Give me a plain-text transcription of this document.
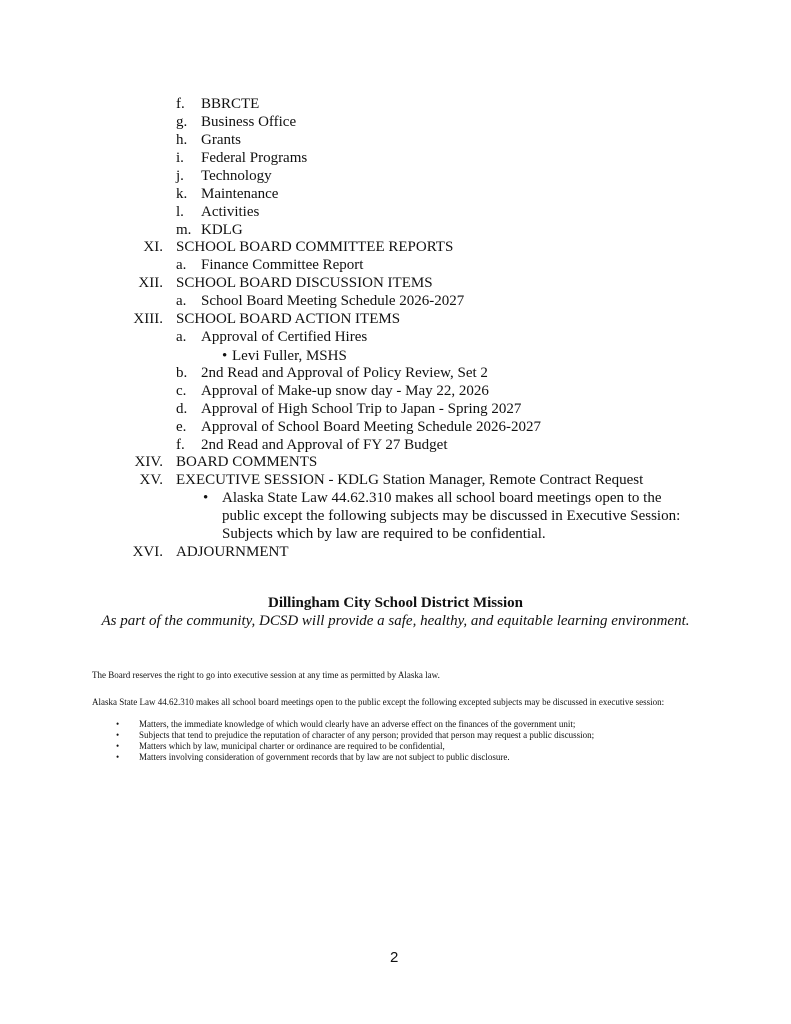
f. BBRCTE
g. Business Office
h. Grants
i. Federal Programs
j. Technology
k. Maintenance
l. Activities
m. KDLG
XI. SCHOOL BOARD COMMITTEE REPORTS
a. Finance Committee Report
XII. SCHOOL BOARD DISCUSSION ITEMS
a. School Board Meeting Schedule 2026-2027
XIII. SCHOOL BOARD ACTION ITEMS
a. Approval of Certified Hires
• Levi Fuller, MSHS
b. 2nd Read and Approval of Policy Review, Set 2
c. Approval of Make-up snow day - May 22, 2026
d. Approval of High School Trip to Japan - Spring 2027
e. Approval of School Board Meeting Schedule 2026-2027
f. 2nd Read and Approval of FY 27 Budget
XIV. BOARD COMMENTS
XV. EXECUTIVE SESSION - KDLG Station Manager, Remote Contract Request
• Alaska State Law 44.62.310 makes all school board meetings open to the public except the following subjects may be discussed in Executive Session: Subjects which by law are required to be confidential.
XVI. ADJOURNMENT
Dillingham City School District Mission
As part of the community, DCSD will provide a safe, healthy, and equitable learning environment.
The Board reserves the right to go into executive session at any time as permitted by Alaska law.
Alaska State Law 44.62.310 makes all school board meetings open to the public except the following excepted subjects may be discussed in executive session:
• Matters, the immediate knowledge of which would clearly have an adverse effect on the finances of the government unit;
• Subjects that tend to prejudice the reputation of character of any person; provided that person may request a public discussion;
• Matters which by law, municipal charter or ordinance are required to be confidential,
• Matters involving consideration of government records that by law are not subject to public disclosure.
2
